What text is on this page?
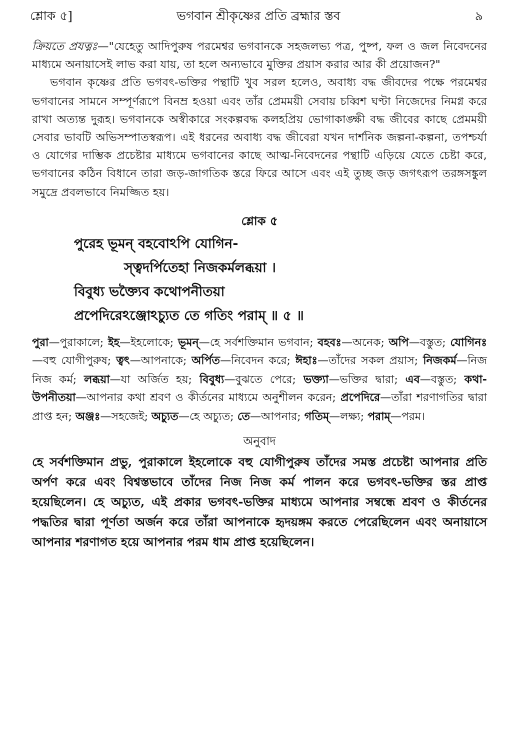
শ্লোক ৫]	ভগবান শ্রীকৃষ্ণের প্রতি ব্রহ্মার স্তব	৯

ক্রিয়তে প্রযত্নঃ—"যেহেতু আদিপুরুষ পরমেশ্বর ভগবানকে সহজলভ্য পত্র, পুষ্প, ফল ও জল নিবেদনের মাধ্যমে অনায়াসেই লাভ করা যায়, তা হলে অন্যভাবে মুক্তির প্রয়াস করার আর কী প্রয়োজন?"

ভগবান কৃষ্ণের প্রতি ভগবৎ-ভক্তির পন্থাটি খুব সরল হলেও, অবাধ্য বদ্ধ জীবদের পক্ষে পরমেশ্বর ভগবানের সামনে সম্পূর্ণরূপে বিনম্র হওয়া এবং তাঁর প্রেমময়ী সেবায় চব্বিশ ঘণ্টা নিজেদের নিমগ্ন করে রাখা অত্যন্ত দুরূহ। ভগবানকে অস্বীকারে সংকল্পবদ্ধ কলহপ্রিয় ভোগাকাঙ্ক্ষী বদ্ধ জীবের কাছে প্রেমময়ী সেবার ভাবটি অভিসম্পাতস্বরূপ। এই ধরনের অবাধ্য বদ্ধ জীবেরা যখন দার্শনিক জল্পনা-কল্পনা, তপশ্চর্যা ও যোগের দাম্ভিক প্রচেষ্টার মাধ্যমে ভগবানের কাছে আত্ম-নিবেদনের পন্থাটি এড়িয়ে যেতে চেষ্টা করে, ভগবানের কঠিন বিধানে তারা জড়-জাগতিক স্তরে ফিরে আসে এবং এই তুচ্ছ জড় জগৎরূপ তরঙ্গসঙ্কুল সমুদ্রে প্রবলভাবে নিমজ্জিত হয়।

শ্লোক ৫
পুরেহ ভূমন্ বহবোঽপি যোগিন-
স্ত্বদর্পিতেহা নিজকর্মলব্ধয়া ।
বিবুধ্য ভক্ত্যৈব কথোপনীতয়া
প্রপেদিরেঽঞ্জোঽচ্যুত তে গতিং পরাম্ ॥ ৫ ॥
পুরা—পুরাকালে; ইহ—ইহলোকে; ভূমন্—হে সর্বশক্তিমান ভগবান; বহবঃ—অনেক; অপি—বস্তুত; যোগিনঃ—বহু যোগীপুরুষ; ত্বৎ—আপনাকে; অর্পিত—নিবেদন করে; ঈহাঃ—তাঁদের সকল প্রয়াস; নিজকর্ম—নিজ নিজ কর্ম; লব্ধয়া—যা অর্জিত হয়; বিবুধ্য—বুঝতে পেরে; ভক্ত্যা—ভক্তির দ্বারা; এব—বস্তুত; কথা-উপনীতয়া—আপনার কথা শ্রবণ ও কীর্তনের মাধ্যমে অনুশীলন করেন; প্রপেদিরে—তাঁরা শরণাগতির দ্বারা প্রাপ্ত হন; অঞ্জঃ—সহজেই; অচ্যুত—হে অচ্যুত; তে—আপনার; গতিম্—লক্ষ্য; পরাম্—পরম।
অনুবাদ

হে সর্বশক্তিমান প্রভু, পুরাকালে ইহলোকে বহু যোগীপুরুষ তাঁদের সমস্ত প্রচেষ্টা আপনার প্রতি অর্পণ করে এবং বিশ্বস্তভাবে তাঁদের নিজ নিজ কর্ম পালন করে ভগবৎ-ভক্তির স্তর প্রাপ্ত হয়েছিলেন। হে অচ্যুত, এই প্রকার ভগবৎ-ভক্তির মাধ্যমে আপনার সম্বন্ধে শ্রবণ ও কীর্তনের পদ্ধতির দ্বারা পূর্ণতা অর্জন করে তাঁরা আপনাকে হৃদয়ঙ্গম করতে পেরেছিলেন এবং অনায়াসে আপনার শরণাগত হয়ে আপনার পরম ধাম প্রাপ্ত হয়েছিলেন।
